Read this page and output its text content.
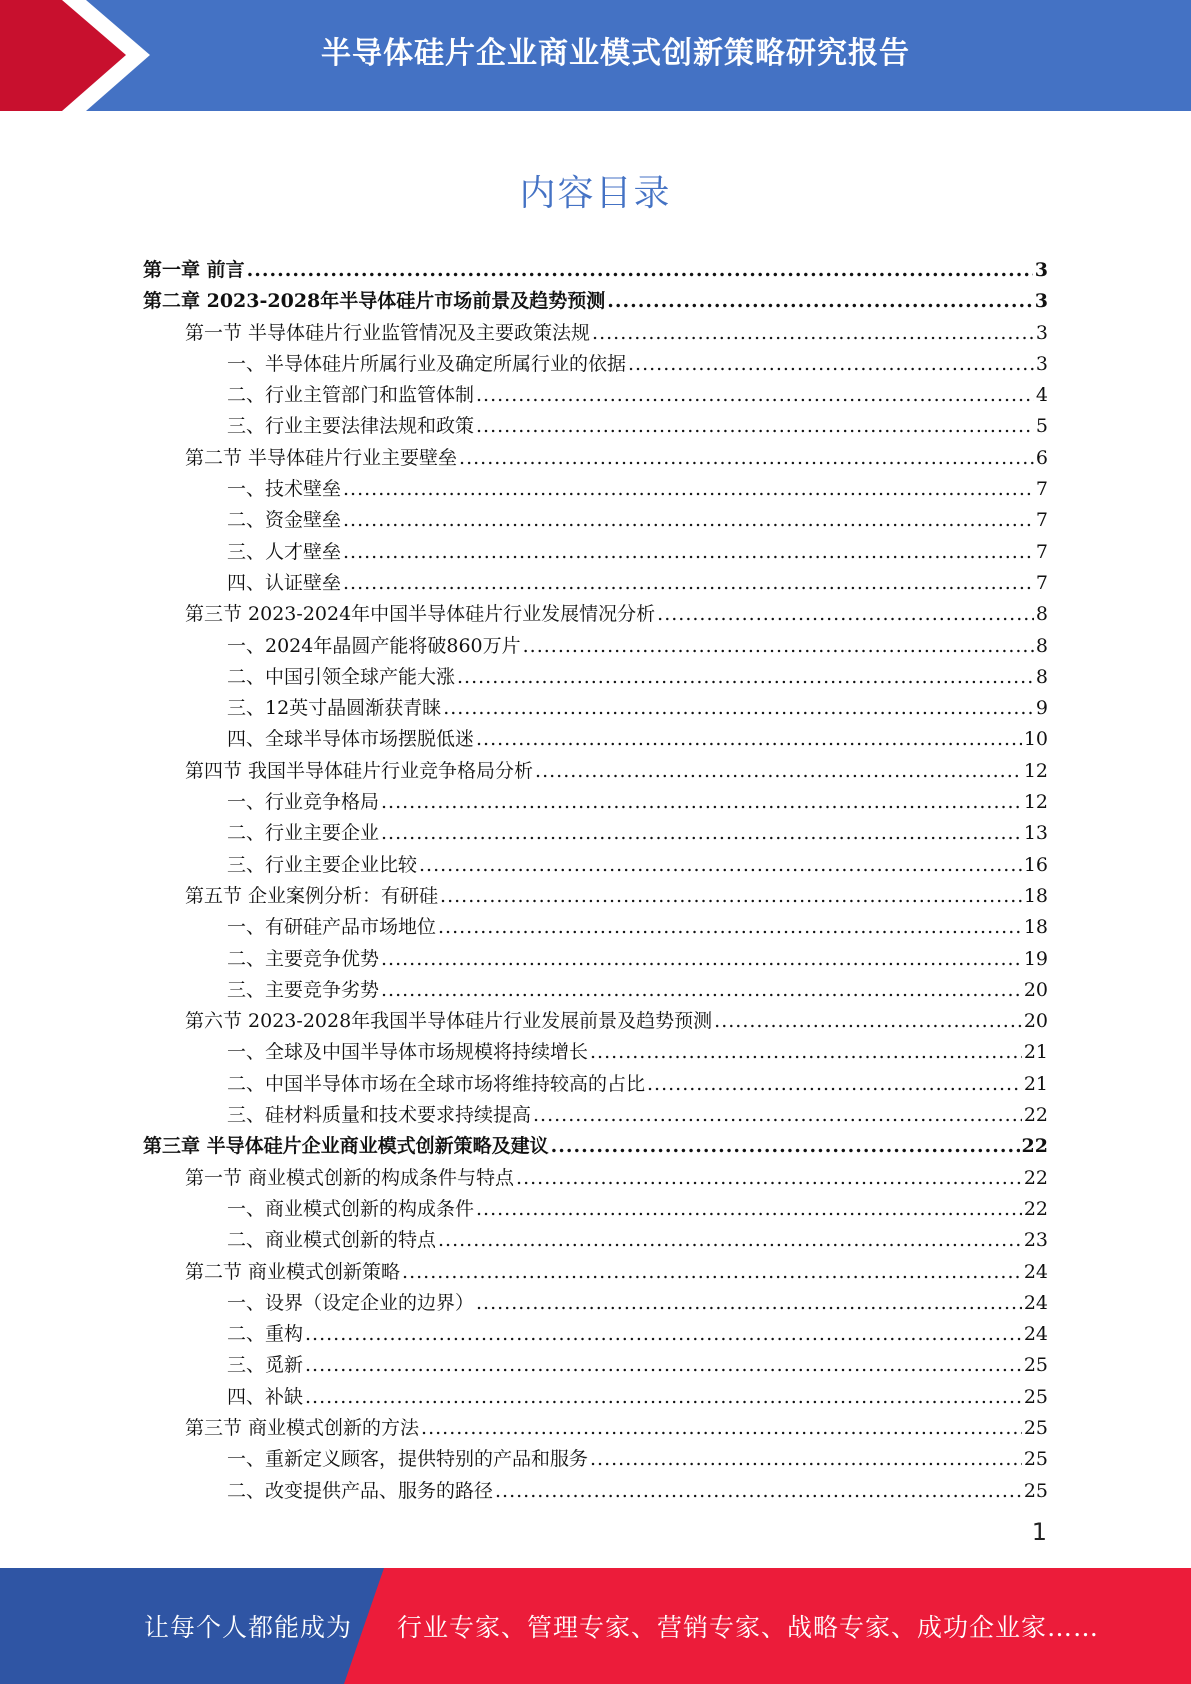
半导体硅片企业商业模式创新策略研究报告
内容目录
第一章 前言 .....	3
第二章 2023-2028年半导体硅片市场前景及趋势预测 .....	3
第一节 半导体硅片行业监管情况及主要政策法规 .....	3
一、半导体硅片所属行业及确定所属行业的依据 .....	3
二、行业主管部门和监管体制 .....	4
三、行业主要法律法规和政策 .....	5
第二节 半导体硅片行业主要壁垒 .....	6
一、技术壁垒 .....	7
二、资金壁垒 .....	7
三、人才壁垒 .....	7
四、认证壁垒 .....	7
第三节 2023-2024年中国半导体硅片行业发展情况分析 .....	8
一、2024年晶圆产能将破860万片 .....	8
二、中国引领全球产能大涨 .....	8
三、12英寸晶圆渐获青睐 .....	9
四、全球半导体市场摆脱低迷 .....	10
第四节 我国半导体硅片行业竞争格局分析 .....	12
一、行业竞争格局 .....	12
二、行业主要企业 .....	13
三、行业主要企业比较 .....	16
第五节 企业案例分析：有研硅 .....	18
一、有研硅产品市场地位 .....	18
二、主要竞争优势 .....	19
三、主要竞争劣势 .....	20
第六节 2023-2028年我国半导体硅片行业发展前景及趋势预测 .....	20
一、全球及中国半导体市场规模将持续增长 .....	21
二、中国半导体市场在全球市场将维持较高的占比 .....	21
三、硅材料质量和技术要求持续提高 .....	22
第三章 半导体硅片企业商业模式创新策略及建议 .....	22
第一节 商业模式创新的构成条件与特点 .....	22
一、商业模式创新的构成条件 .....	22
二、商业模式创新的特点 .....	23
第二节 商业模式创新策略 .....	24
一、设界（设定企业的边界） .....	24
二、重构 .....	24
三、觅新 .....	25
四、补缺 .....	25
第三节 商业模式创新的方法 .....	25
一、重新定义顾客，提供特别的产品和服务 .....	25
二、改变提供产品、服务的路径 .....	25
1
让每个人都能成为 行业专家、管理专家、营销专家、战略专家、成功企业家……
